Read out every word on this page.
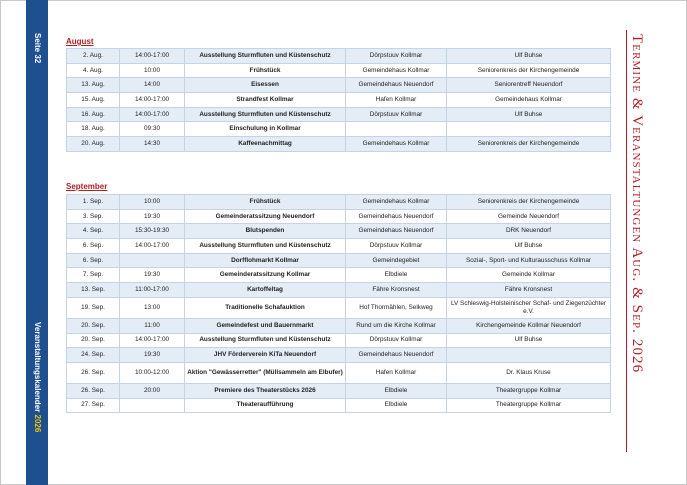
Seite 32
Veranstaltungskalender 2026
Termine & Veranstaltungen Aug. & Sep. 2026
August
2. Aug.	14:00-17:00	Ausstellung Sturmfluten und Küstenschutz	Dörpstuuv Kollmar	Ulf Buhse
4. Aug.	10:00	Frühstück	Gemeindehaus Kollmar	Seniorenkreis der Kirchengemeinde
13. Aug.	14:00	Eisessen	Gemeindehaus Neuendorf	Seniorentreff Neuendorf
15. Aug.	14:00-17:00	Strandfest Kollmar	Hafen Kollmar	Gemeindehaus Kollmar
16. Aug.	14:00-17:00	Ausstellung Sturmfluten und Küstenschutz	Dörpstuuv Kollmar	Ulf Buhse
18. Aug.	09:30	Einschulung in Kollmar		
20. Aug.	14:30	Kaffeenachmittag	Gemeindehaus Kollmar	Seniorenkreis der Kirchengemeinde
September
1. Sep.	10:00	Frühstück	Gemeindehaus Kollmar	Seniorenkreis der Kirchengemeinde
3. Sep.	19:30	Gemeinderatssitzung Neuendorf	Gemeindehaus Neuendorf	Gemeinde Neuendorf
4. Sep.	15:30-19:30	Blutspenden	Gemeindehaus Neuendorf	DRK Neuendorf
6. Sep.	14:00-17:00	Ausstellung Sturmfluten und Küstenschutz	Dörpstuuv Kollmar	Ulf Buhse
6. Sep.		Dorfflohmarkt Kollmar	Gemeindegebiet	Sozial-, Sport- und Kulturausschuss Kollmar
7. Sep.	19:30	Gemeinderatssitzung Kollmar	Elbdiele	Gemeinde Kollmar
13. Sep.	11:00-17:00	Kartoffeltag	Fähre Kronsnest	Fähre Kronsnest
19. Sep.	13:00	Traditionelle Schafauktion	Hof Thormählen, Selkweg	LV Schleswig-Holsteinischer Schaf- und Ziegenzüchter e.V.
20. Sep.	11:00	Gemeindefest und Bauernmarkt	Rund um die Kirche Kollmar	Kirchengemeinde Kollmar Neuendorf
20. Sep.	14:00-17:00	Ausstellung Sturmfluten und Küstenschutz	Dörpstuuv Kollmar	Ulf Buhse
24. Sep.	19:30	JHV Förderverein KiTa Neuendorf	Gemeindehaus Neuendorf	
26. Sep.	10:00-12:00	Aktion "Gewässerretter" (Müllsammeln am Elbufer)	Hafen Kollmar	Dr. Klaus Kruse
26. Sep.	20:00	Premiere des Theaterstücks 2026	Elbdiele	Theatergruppe Kollmar
27. Sep.		Theateraufführung	Elbdiele	Theatergruppe Kollmar
